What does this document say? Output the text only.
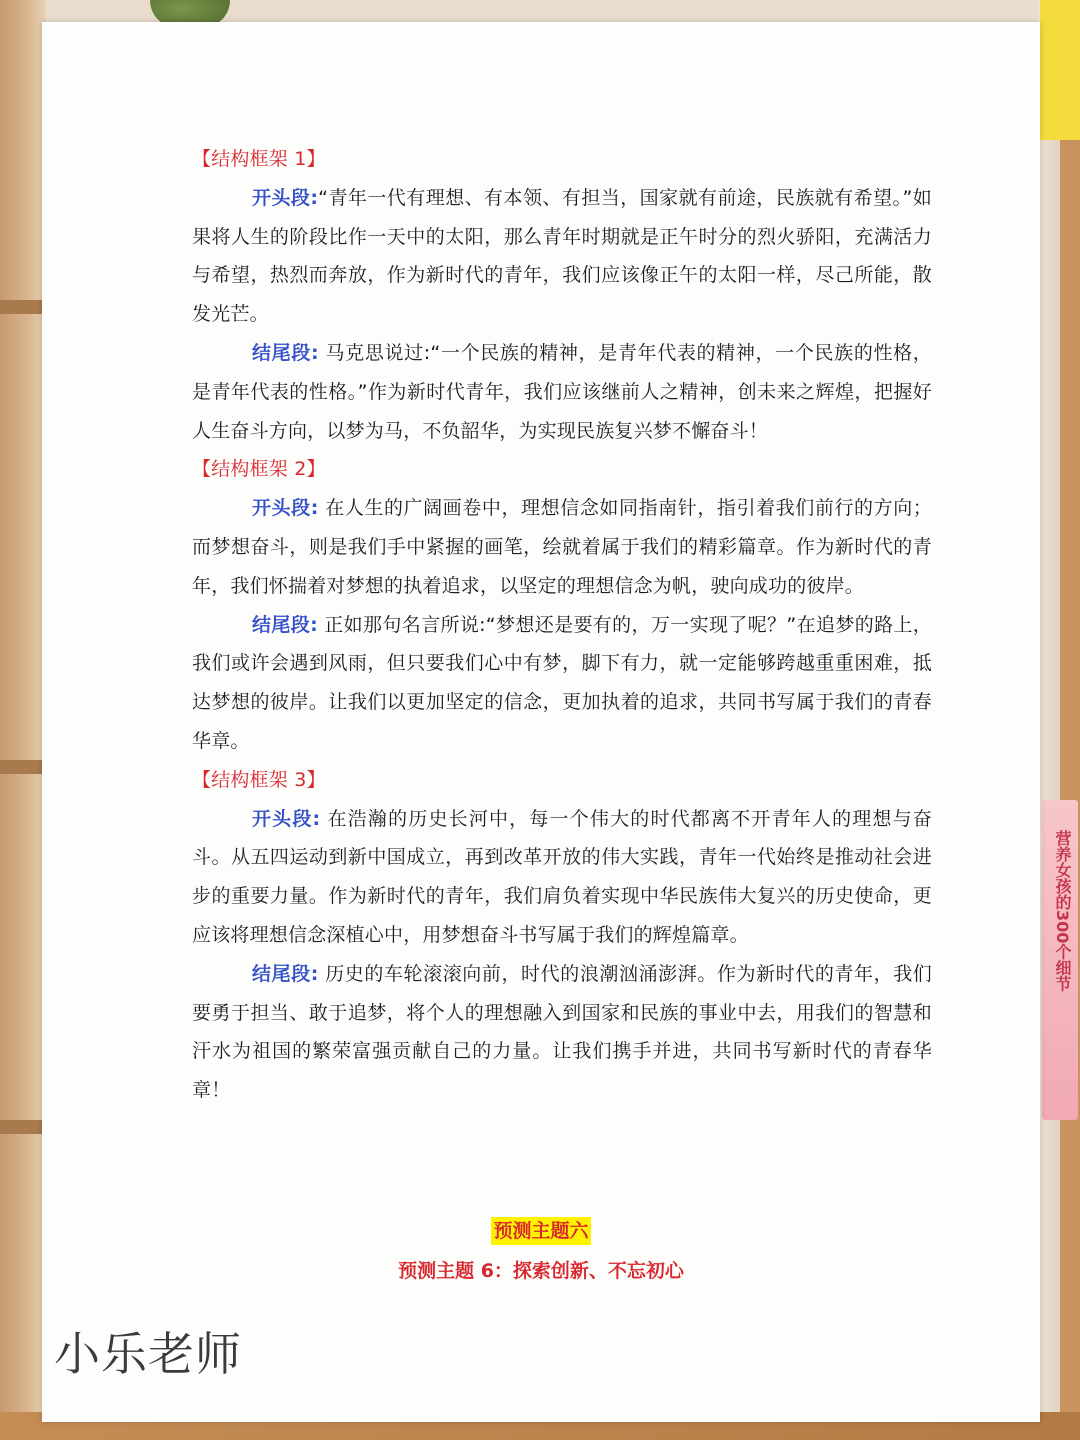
营养女孩的300个细节

【结构框架 1】

开头段:“青年一代有理想、有本领、有担当，国家就有前途，民族就有希望。”如果将人生的阶段比作一天中的太阳，那么青年时期就是正午时分的烈火骄阳，充满活力与希望，热烈而奔放，作为新时代的青年，我们应该像正午的太阳一样，尽己所能，散发光芒。

结尾段: 马克思说过:“一个民族的精神，是青年代表的精神，一个民族的性格，是青年代表的性格。”作为新时代青年，我们应该继前人之精神，创未来之辉煌，把握好人生奋斗方向，以梦为马，不负韶华，为实现民族复兴梦不懈奋斗！

【结构框架 2】

开头段: 在人生的广阔画卷中，理想信念如同指南针，指引着我们前行的方向；而梦想奋斗，则是我们手中紧握的画笔，绘就着属于我们的精彩篇章。作为新时代的青年，我们怀揣着对梦想的执着追求，以坚定的理想信念为帆，驶向成功的彼岸。

结尾段: 正如那句名言所说:“梦想还是要有的，万一实现了呢？”在追梦的路上，我们或许会遇到风雨，但只要我们心中有梦，脚下有力，就一定能够跨越重重困难，抵达梦想的彼岸。让我们以更加坚定的信念，更加执着的追求，共同书写属于我们的青春华章。

【结构框架 3】

开头段: 在浩瀚的历史长河中，每一个伟大的时代都离不开青年人的理想与奋斗。从五四运动到新中国成立，再到改革开放的伟大实践，青年一代始终是推动社会进步的重要力量。作为新时代的青年，我们肩负着实现中华民族伟大复兴的历史使命，更应该将理想信念深植心中，用梦想奋斗书写属于我们的辉煌篇章。

结尾段: 历史的车轮滚滚向前，时代的浪潮汹涌澎湃。作为新时代的青年，我们要勇于担当、敢于追梦，将个人的理想融入到国家和民族的事业中去，用我们的智慧和汗水为祖国的繁荣富强贡献自己的力量。让我们携手并进，共同书写新时代的青春华章！

预测主题六
预测主题 6：探索创新、不忘初心
小乐老师
